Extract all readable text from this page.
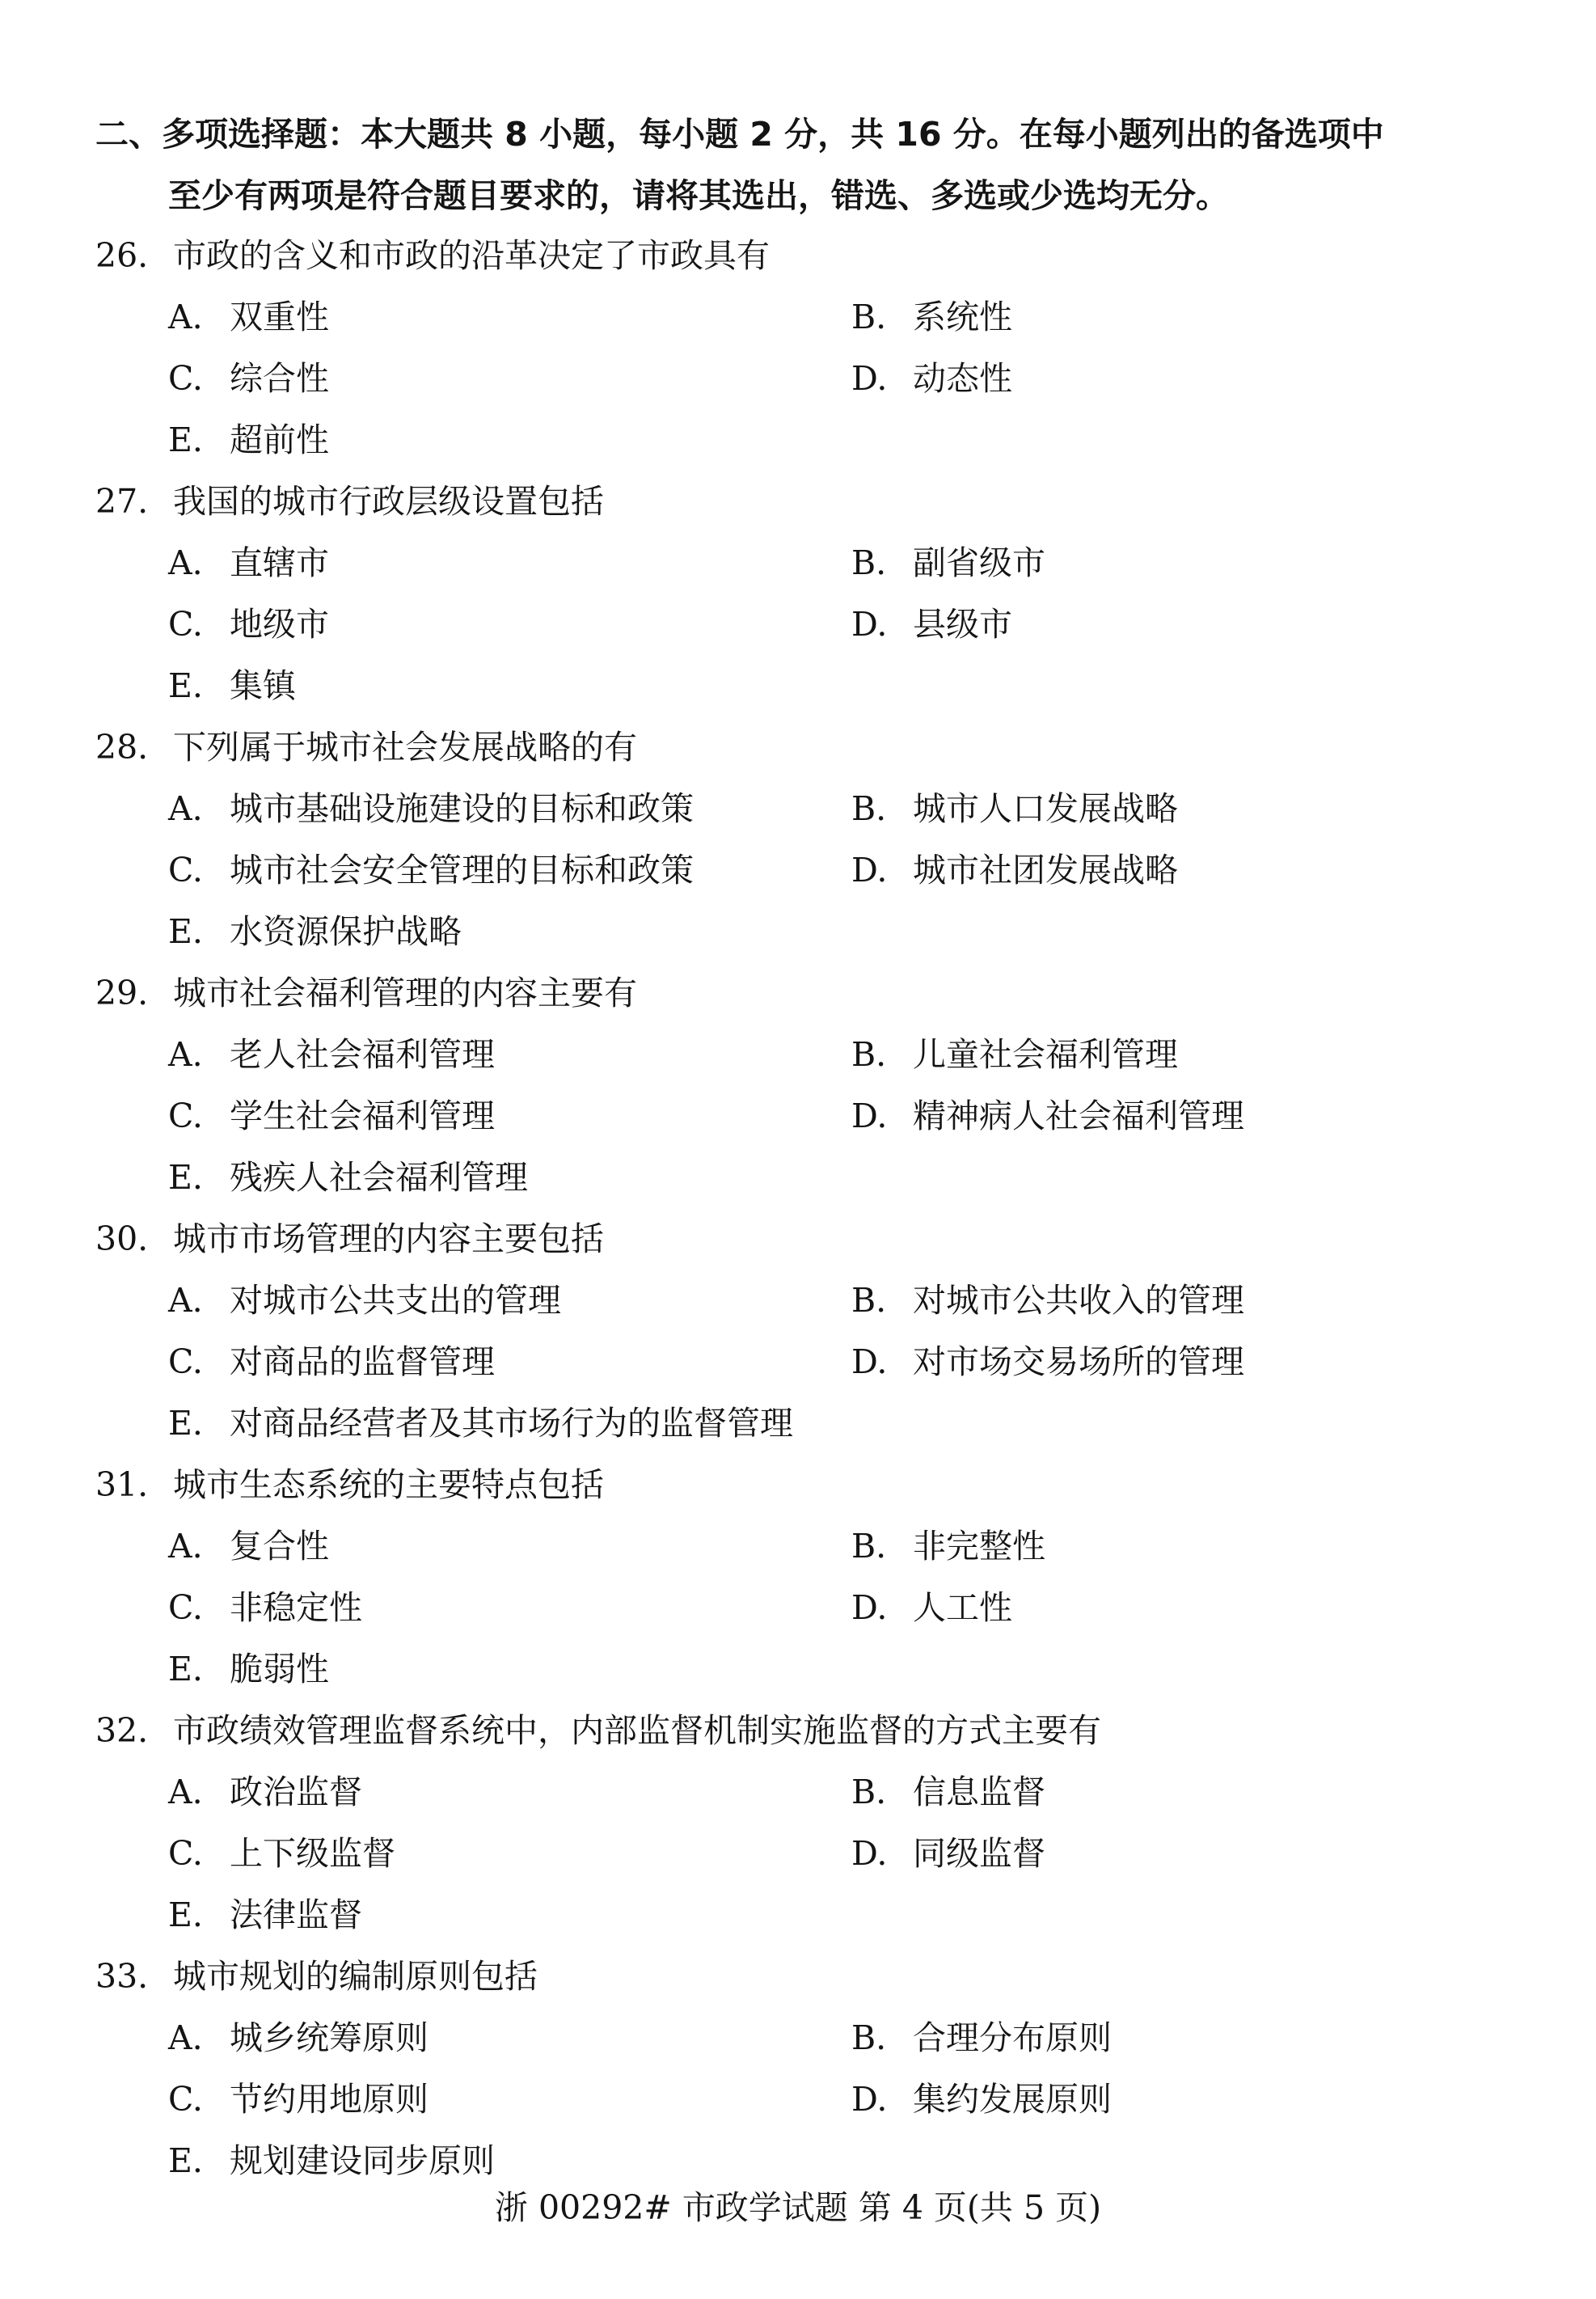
二、多项选择题：本大题共 8 小题，每小题 2 分，共 16 分。在每小题列出的备选项中
至少有两项是符合题目要求的，请将其选出，错选、多选或少选均无分。
26. 市政的含义和市政的沿革决定了市政具有
A. 双重性	B. 系统性
C. 综合性	D. 动态性
E. 超前性
27. 我国的城市行政层级设置包括
A. 直辖市	B. 副省级市
C. 地级市	D. 县级市
E. 集镇
28. 下列属于城市社会发展战略的有
A. 城市基础设施建设的目标和政策	B. 城市人口发展战略
C. 城市社会安全管理的目标和政策	D. 城市社团发展战略
E. 水资源保护战略
29. 城市社会福利管理的内容主要有
A. 老人社会福利管理	B. 儿童社会福利管理
C. 学生社会福利管理	D. 精神病人社会福利管理
E. 残疾人社会福利管理
30. 城市市场管理的内容主要包括
A. 对城市公共支出的管理	B. 对城市公共收入的管理
C. 对商品的监督管理	D. 对市场交易场所的管理
E. 对商品经营者及其市场行为的监督管理
31. 城市生态系统的主要特点包括
A. 复合性	B. 非完整性
C. 非稳定性	D. 人工性
E. 脆弱性
32. 市政绩效管理监督系统中，内部监督机制实施监督的方式主要有
A. 政治监督	B. 信息监督
C. 上下级监督	D. 同级监督
E. 法律监督
33. 城市规划的编制原则包括
A. 城乡统筹原则	B. 合理分布原则
C. 节约用地原则	D. 集约发展原则
E. 规划建设同步原则
浙 00292# 市政学试题 第 4 页(共 5 页)
